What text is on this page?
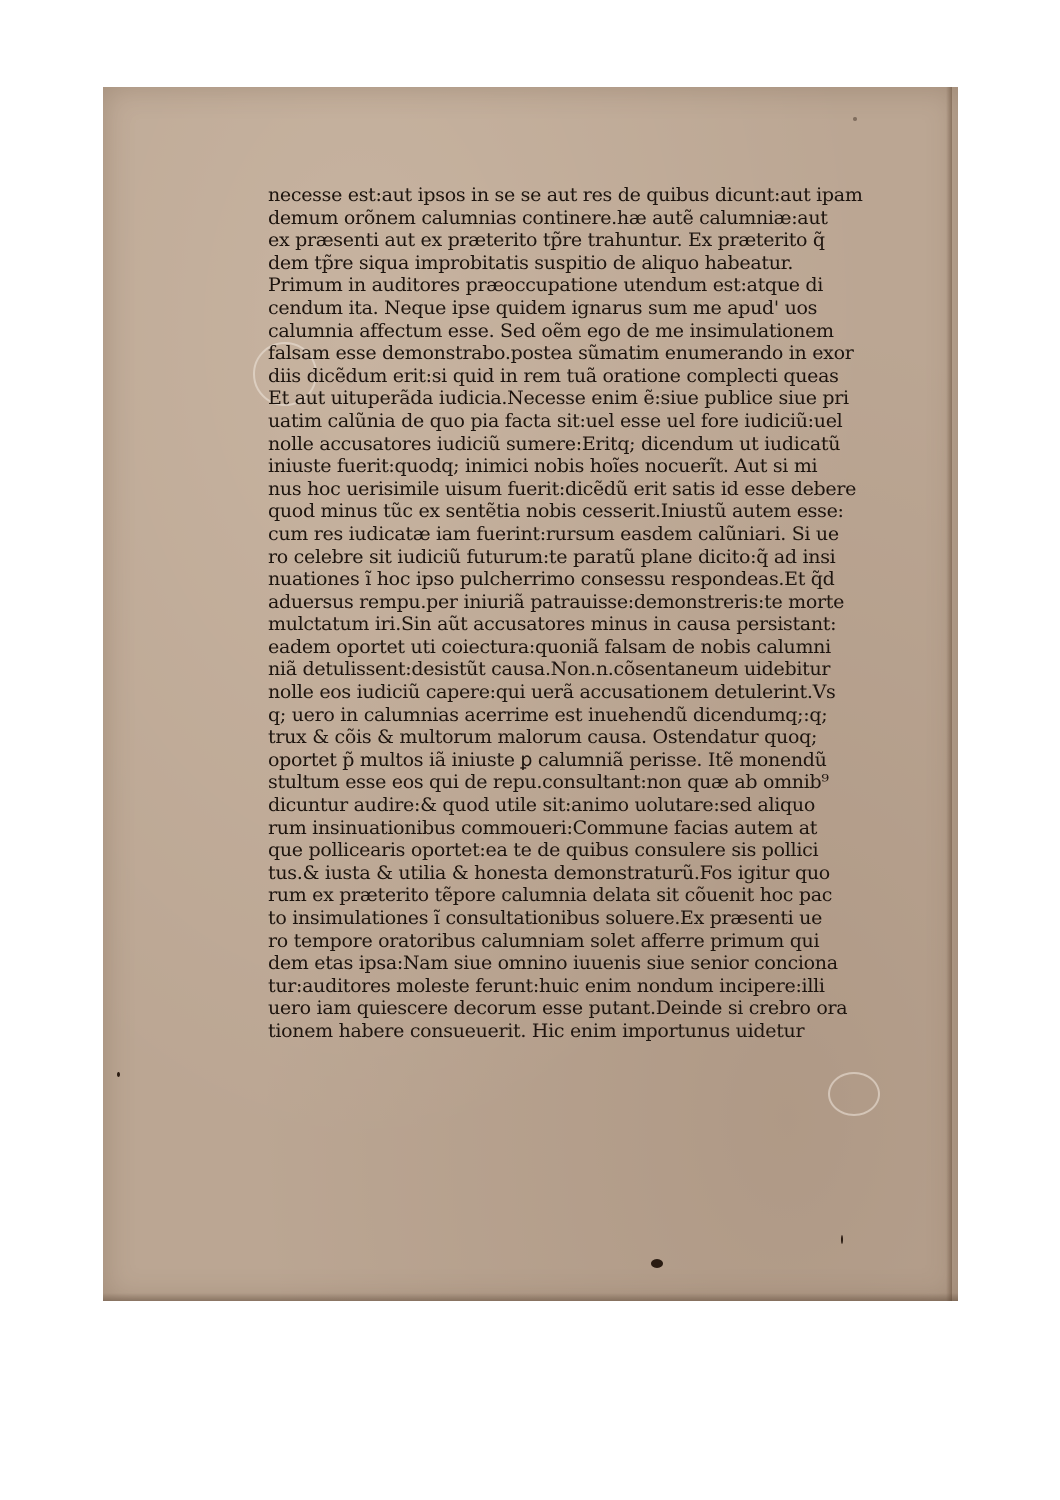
necesse est:aut ipsos in se se aut res de quibus dicunt:aut ipam
demum orõnem calumnias continere.hæ autẽ calumniæ:aut
ex præsenti aut ex præterito tp̃re trahuntur. Ex præterito q̃
dem tp̃re siqua improbitatis suspitio de aliquo habeatur.
Primum in auditores præoccupatione utendum est:atque di
cendum ita. Neque ipse quidem ignarus sum me apud' uos
calumnia affectum esse. Sed oẽm ego de me insimulationem
falsam esse demonstrabo.postea sũmatim enumerando in exor
diis dicẽdum erit:si quid in rem tuã oratione complecti queas
Et aut uituperãda iudicia.Necesse enim ẽ:siue publice siue pri
uatim calũnia de quo pia facta sit:uel esse uel fore iudiciũ:uel
nolle accusatores iudiciũ sumere:Eritq; dicendum ut iudicatũ
iniuste fuerit:quodq; inimici nobis hoĩes nocuerĩt. Aut si mi
nus hoc uerisimile uisum fuerit:dicẽdũ erit satis id esse debere
quod minus tũc ex sentẽtia nobis cesserit.Iniustũ autem esse:
cum res iudicatæ iam fuerint:rursum easdem calũniari. Si ue
ro celebre sit iudiciũ futurum:te paratũ plane dicito:q̃ ad insi
nuationes ĩ hoc ipso pulcherrimo consessu respondeas.Et q̃d
aduersus rempu.per iniuriã patrauisse:demonstreris:te morte
mulctatum iri.Sin aũt accusatores minus in causa persistant:
eadem oportet uti coiectura:quoniã falsam de nobis calumni
niã detulissent:desistũt causa.Non.n.cõsentaneum uidebitur
nolle eos iudiciũ capere:qui uerã accusationem detulerint.Vs
q; uero in calumnias acerrime est inuehendũ dicendumq;:q;
trux & cõis & multorum malorum causa. Ostendatur quoq;
oportet p̃ multos iã iniuste ꝑ calumniã perisse. Itẽ monendũ
stultum esse eos qui de repu.consultant:non quæ ab omnib⁹
dicuntur audire:& quod utile sit:animo uolutare:sed aliquo
rum insinuationibus commoueri:Commune facias autem at
que pollicearis oportet:ea te de quibus consulere sis pollici
tus.& iusta & utilia & honesta demonstraturũ.Fos igitur quo
rum ex præterito tẽpore calumnia delata sit cõuenit hoc pac
to insimulationes ĩ consultationibus soluere.Ex præsenti ue
ro tempore oratoribus calumniam solet afferre primum qui
dem etas ipsa:Nam siue omnino iuuenis siue senior conciona
tur:auditores moleste ferunt:huic enim nondum incipere:illi
uero iam quiescere decorum esse putant.Deinde si crebro ora
tionem habere consueuerit. Hic enim importunus uidetur
